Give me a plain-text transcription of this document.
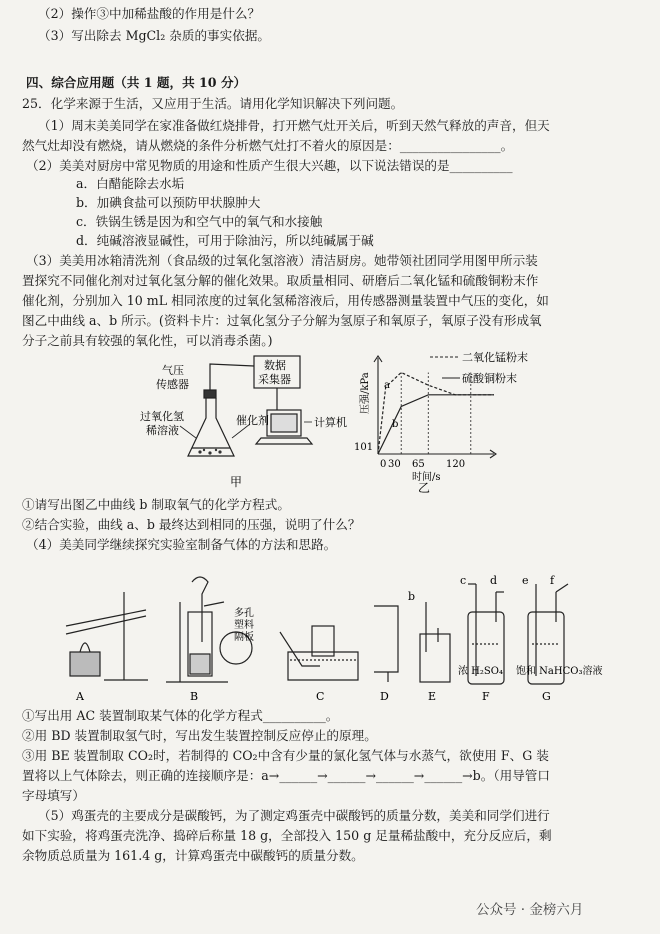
（2）操作③中加稀盐酸的作用是什么？
（3）写出除去 MgCl₂ 杂质的事实依据。
四、综合应用题（共 1 题，共 10 分）
25．化学来源于生活，又应用于生活。请用化学知识解决下列问题。
（1）周末美美同学在家准备做红烧排骨，打开燃气灶开关后，听到天然气释放的声音，但天
然气灶却没有燃烧，请从燃烧的条件分析燃气灶打不着火的原因是：________________。
（2）美美对厨房中常见物质的用途和性质产生很大兴趣，以下说法错误的是__________
a．白醋能除去水垢
b．加碘食盐可以预防甲状腺肿大
c．铁锅生锈是因为和空气中的氧气和水接触
d．纯碱溶液显碱性，可用于除油污，所以纯碱属于碱
（3）美美用冰箱清洗剂（食品级的过氧化氢溶液）清洁厨房。她带领社团同学用图甲所示装
置探究不同催化剂对过氧化氢分解的催化效果。取质量相同、研磨后二氧化锰和硫酸铜粉末作
催化剂，分别加入 10 mL 相同浓度的过氧化氢稀溶液后，用传感器测量装置中气压的变化，如
图乙中曲线 a、b 所示。(资料卡片：过氧化氢分子分解为氢原子和氧原子，氧原子没有形成氧
分子之前具有较强的氧化性，可以消毒杀菌。)
气压
传感器
数据
采集器
过氧化氢
稀溶液
催化剂	计算机
甲
二氧化锰粉末
硫酸铜粉末
压强/kPa
101
0 30 65 120
时间/s
a
b
乙
①请写出图乙中曲线 b 制取氧气的化学方程式。
②结合实验，曲线 a、b 最终达到相同的压强，说明了什么？
（4）美美同学继续探究实验室制备气体的方法和思路。
A	B	C	D	E	F	G
多孔
塑料
隔板
b
c d e f
浓 H₂SO₄ 饱和 NaHCO₃溶液
①写出用 AC 装置制取某气体的化学方程式__________。
②用 BD 装置制取氢气时，写出发生装置控制反应停止的原理。
③用 BE 装置制取 CO₂时，若制得的 CO₂中含有少量的氯化氢气体与水蒸气，欲使用 F、G 装
置将以上气体除去，则正确的连接顺序是：a→______→______→______→______→b。（用导管口
字母填写）
（5）鸡蛋壳的主要成分是碳酸钙，为了测定鸡蛋壳中碳酸钙的质量分数，美美和同学们进行
如下实验，将鸡蛋壳洗净、捣碎后称量 18 g，全部投入 150 g 足量稀盐酸中，充分反应后，剩
余物质总质量为 161.4 g，计算鸡蛋壳中碳酸钙的质量分数。
公众号 · 金榜六月
